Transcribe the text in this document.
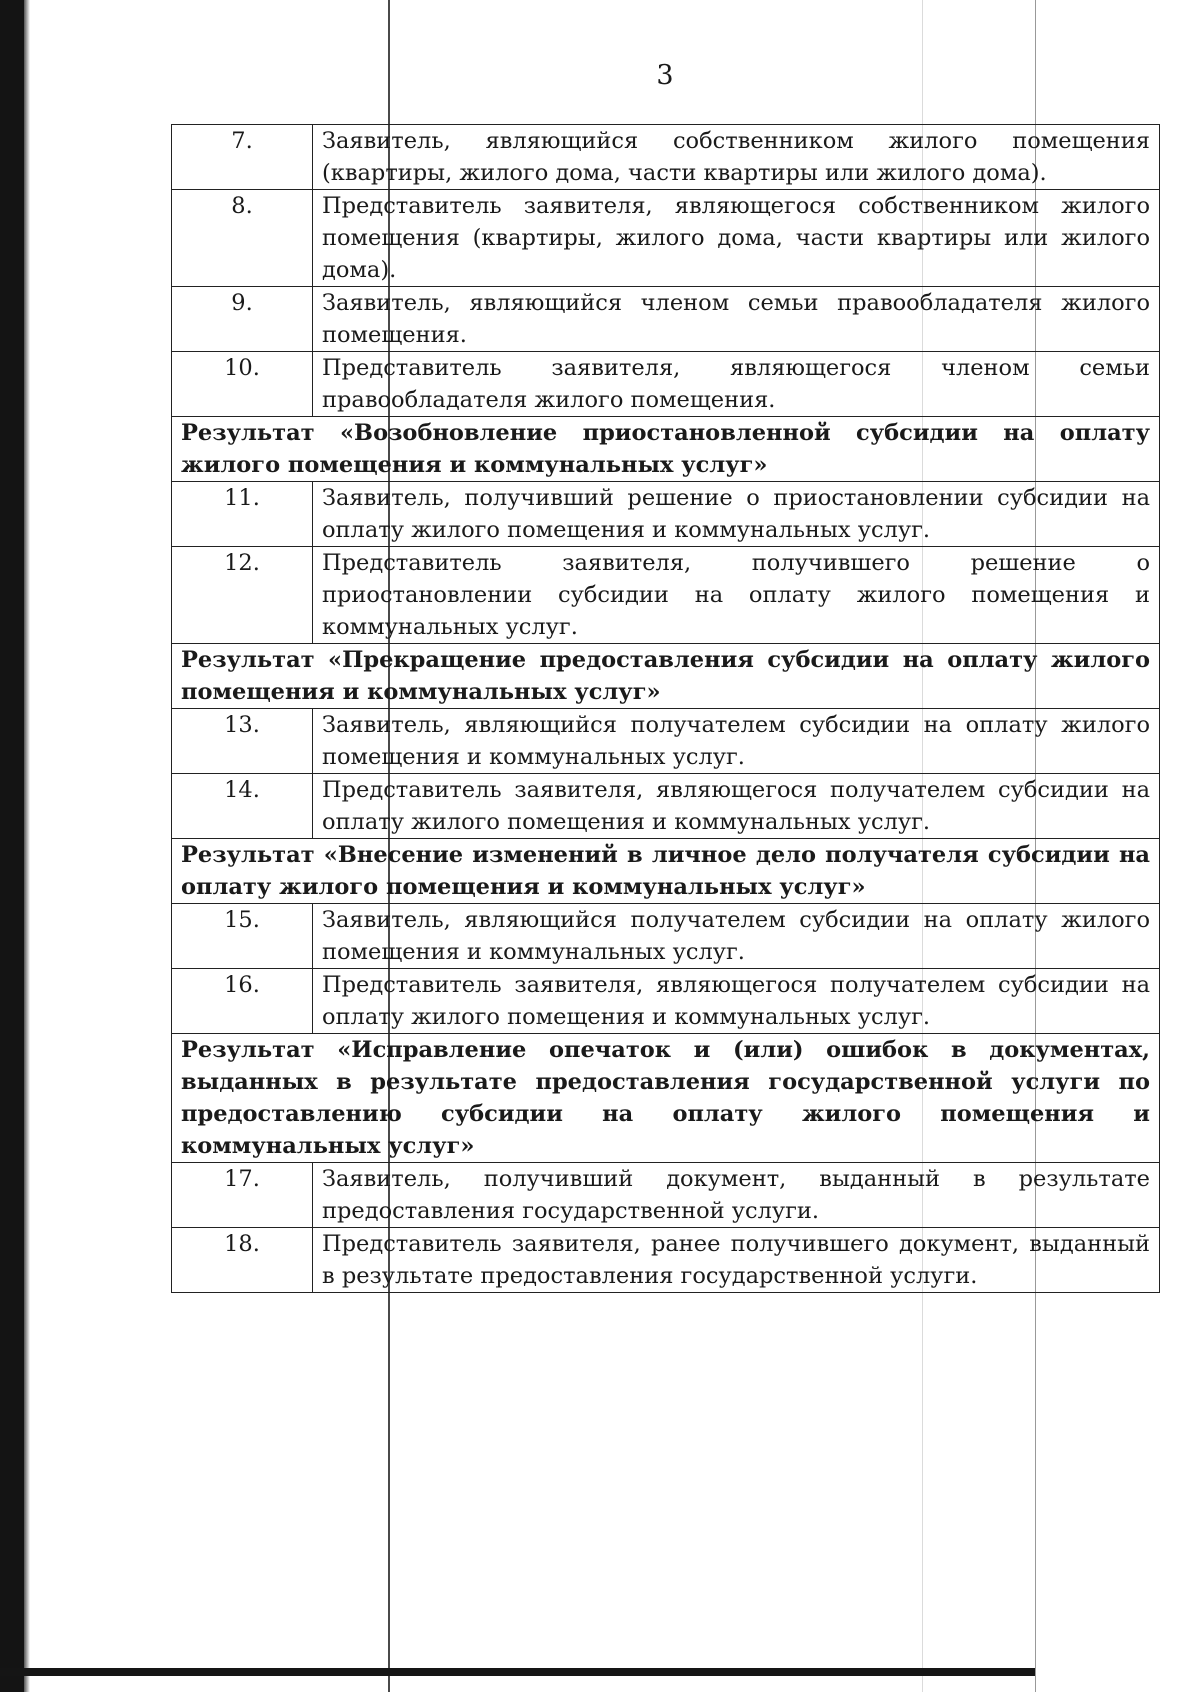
3
7.	Заявитель, являющийся собственником жилого помещения (квартиры, жилого дома, части квартиры или жилого дома).
8.	Представитель заявителя, являющегося собственником жилого помещения (квартиры, жилого дома, части квартиры или жилого дома).
9.	Заявитель, являющийся членом семьи правообладателя жилого помещения.
10.	Представитель заявителя, являющегося членом семьи правообладателя жилого помещения.
Результат «Возобновление приостановленной субсидии на оплату жилого помещения и коммунальных услуг»	
11.	Заявитель, получивший решение о приостановлении субсидии на оплату жилого помещения и коммунальных услуг.
12.	Представитель заявителя, получившего решение о приостановлении субсидии на оплату жилого помещения и коммунальных услуг.
Результат «Прекращение предоставления субсидии на оплату жилого помещения и коммунальных услуг»	
13.	Заявитель, являющийся получателем субсидии на оплату жилого помещения и коммунальных услуг.
14.	Представитель заявителя, являющегося получателем субсидии на оплату жилого помещения и коммунальных услуг.
Результат «Внесение изменений в личное дело получателя субсидии на оплату жилого помещения и коммунальных услуг»	
15.	Заявитель, являющийся получателем субсидии на оплату жилого помещения и коммунальных услуг.
16.	Представитель заявителя, являющегося получателем субсидии на оплату жилого помещения и коммунальных услуг.
Результат «Исправление опечаток и (или) ошибок в документах, выданных в результате предоставления государственной услуги по предоставлению субсидии на оплату жилого помещения и коммунальных услуг»	
17.	Заявитель, получивший документ, выданный в результате предоставления государственной услуги.
18.	Представитель заявителя, ранее получившего документ, выданный в результате предоставления государственной услуги.
